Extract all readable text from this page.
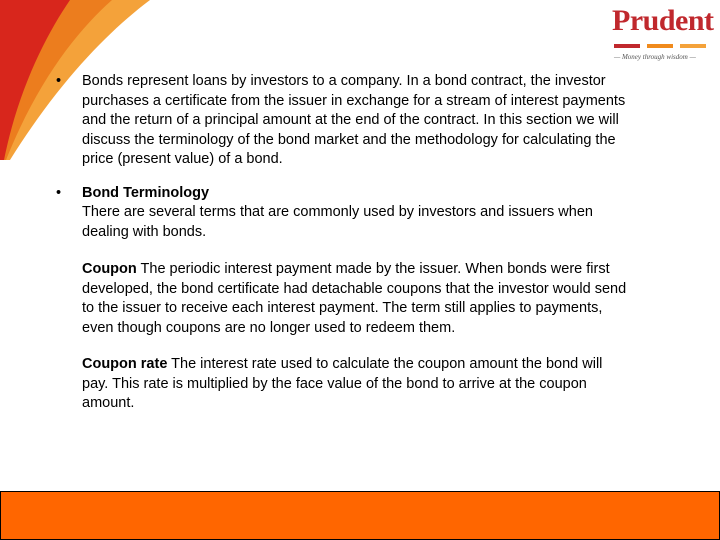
Prudent
— Money through wisdom —
• Bonds represent loans by investors to a company. In a bond contract, the investor purchases a certificate from the issuer in exchange for a stream of interest payments and the return of a principal amount at the end of the contract. In this section we will discuss the terminology of the bond market and the methodology for calculating the price (present value) of a bond.
• Bond Terminology
There are several terms that are commonly used by investors and issuers when dealing with bonds.
Coupon The periodic interest payment made by the issuer. When bonds were first developed, the bond certificate had detachable coupons that the investor would send to the issuer to receive each interest payment. The term still applies to payments, even though coupons are no longer used to redeem them.
Coupon rate The interest rate used to calculate the coupon amount the bond will pay. This rate is multiplied by the face value of the bond to arrive at the coupon amount.
